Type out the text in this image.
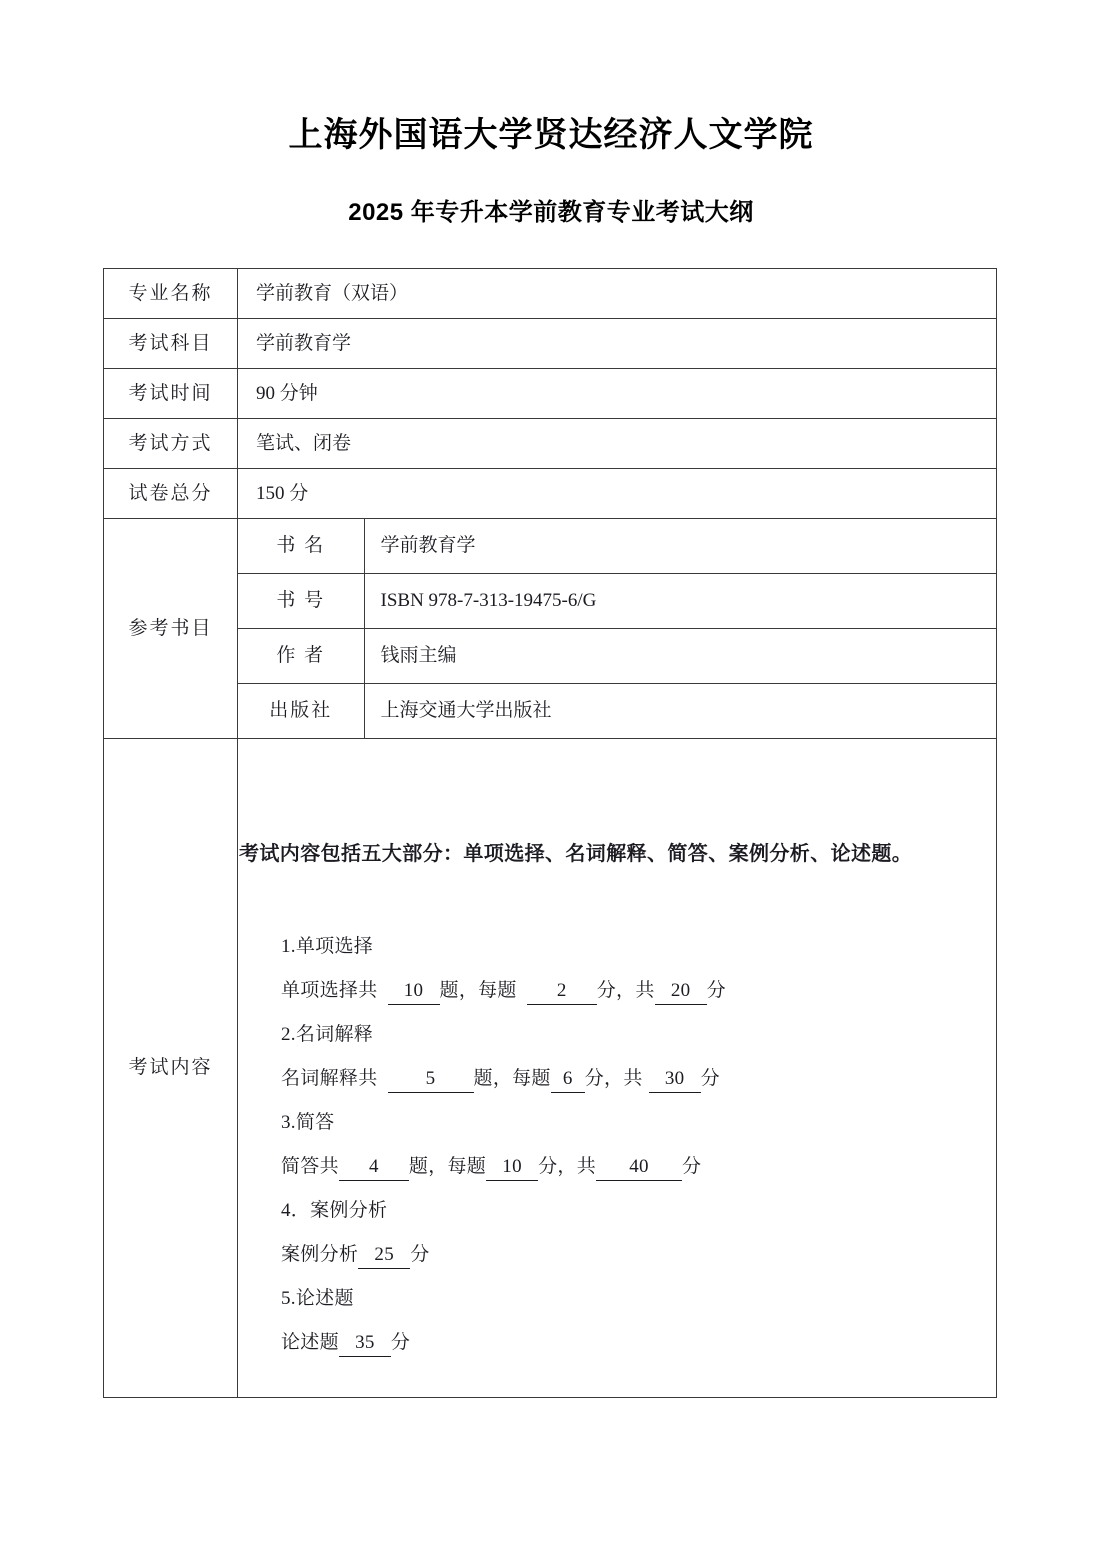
上海外国语大学贤达经济人文学院
2025 年专升本学前教育专业考试大纲
专业名称	学前教育（双语）
考试科目	学前教育学
考试时间	90 分钟
考试方式	笔试、闭卷
试卷总分	150 分
参考书目	
书 名	学前教育学
书 号	ISBN 978-7-313-19475-6/G
作 者	钱雨主编
出版社	上海交通大学出版社

考试内容	
考试内容包括五大部分：单项选择、名词解释、简答、案例分析、论述题。
1.单项选择
单项选择共 10 题，每题 2 分，共 20 分
2.名词解释
名词解释共	5 题，每题 6 分，共 30 分
3.简答
简答共 4 题，每题 10 分，共 40 分
4．案例分析
案例分析 25 分
5.论述题
论述题 35 分
